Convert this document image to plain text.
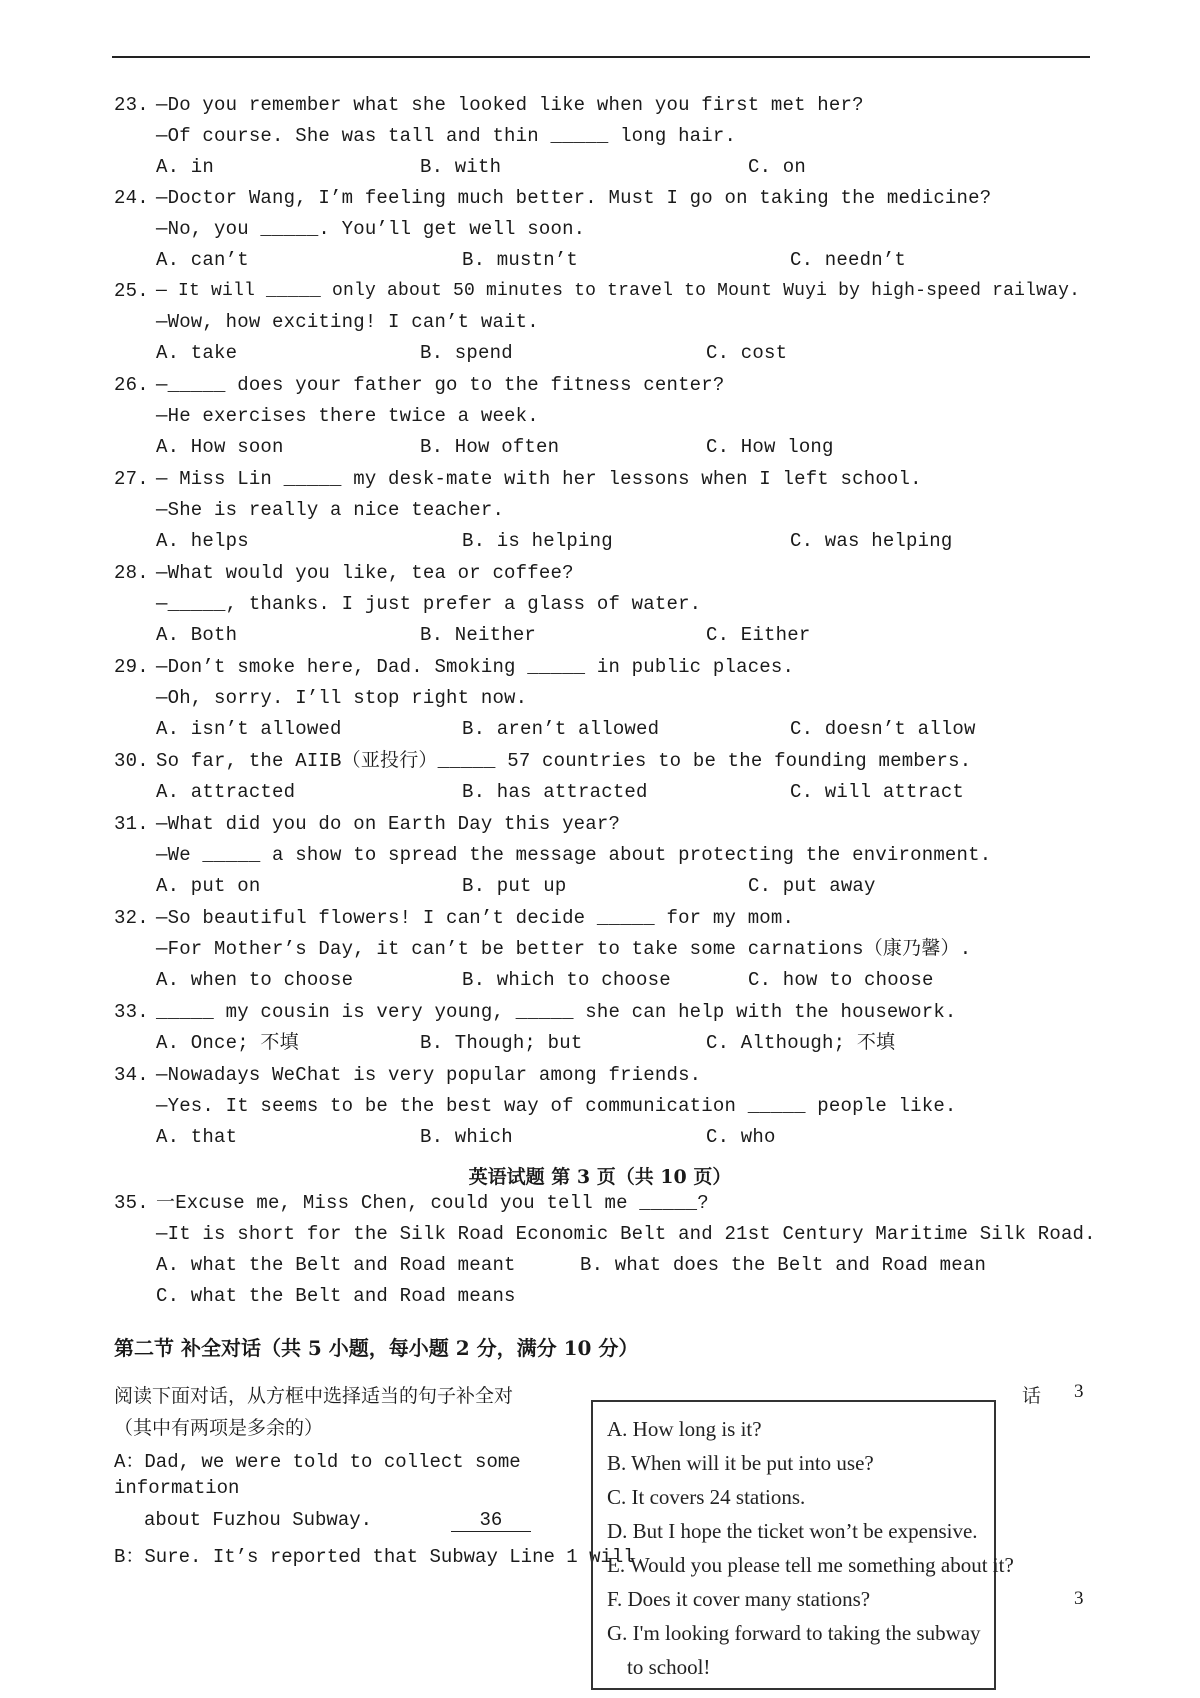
23. —Do you remember what she looked like when you first met her?
—Of course. She was tall and thin _____ long hair.
A. in	B. with	C. on
24. —Doctor Wang, I’m feeling much better. Must I go on taking the medicine?
—No, you _____. You’ll get well soon.
A. can’t	B. mustn’t	C. needn’t
25. — It will _____ only about 50 minutes to travel to Mount Wuyi by high-speed railway.
—Wow, how exciting! I can’t wait.
A. take	B. spend	C. cost
26. —_____ does your father go to the fitness center?
—He exercises there twice a week.
A. How soon	B. How often	C. How long
27. — Miss Lin _____ my desk-mate with her lessons when I left school.
—She is really a nice teacher.
A. helps	B. is helping	C. was helping
28. —What would you like, tea or coffee?
—_____, thanks. I just prefer a glass of water.
A. Both	B. Neither	C. Either
29. —Don’t smoke here, Dad. Smoking _____ in public places.
—Oh, sorry. I’ll stop right now.
A. isn’t allowed	B. aren’t allowed	C. doesn’t allow
30. So far, the AIIB（亚投行）_____ 57 countries to be the founding members.
A. attracted	B. has attracted	C. will attract
31. —What did you do on Earth Day this year?
—We _____ a show to spread the message about protecting the environment.
A. put on	B. put up	C. put away
32. —So beautiful flowers! I can’t decide _____ for my mom.
—For Mother’s Day, it can’t be better to take some carnations（康乃馨）.
A. when to choose	B. which to choose	C. how to choose
33. _____ my cousin is very young, _____ she can help with the housework.
A. Once; 不填	B. Though; but	C. Although; 不填
34. —Nowadays WeChat is very popular among friends.
—Yes. It seems to be the best way of communication _____ people like.
A. that	B. which	C. who
英语试题 第 3 页（共 10 页）
35. 一Excuse me, Miss Chen, could you tell me _____?
—It is short for the Silk Road Economic Belt and 21st Century Maritime Silk Road.
A. what the Belt and Road meant	B. what does the Belt and Road mean
C. what the Belt and Road means
第二节 补全对话（共 5 小题，每小题 2 分，满分 10 分）
阅读下面对话，从方框中选择适当的句子补全对
（其中有两项是多余的）
话 3
3
A：Dad, we were told to collect some
information
about Fuzhou Subway.	36
B：Sure. It’s reported that Subway Line 1 will
A. How long is it?
B. When will it be put into use?
C. It covers 24 stations.
D. But I hope the ticket won’t be expensive.
E. Would you please tell me something about it?
F. Does it cover many stations?
G. I'm looking forward to taking the subway
to school!
